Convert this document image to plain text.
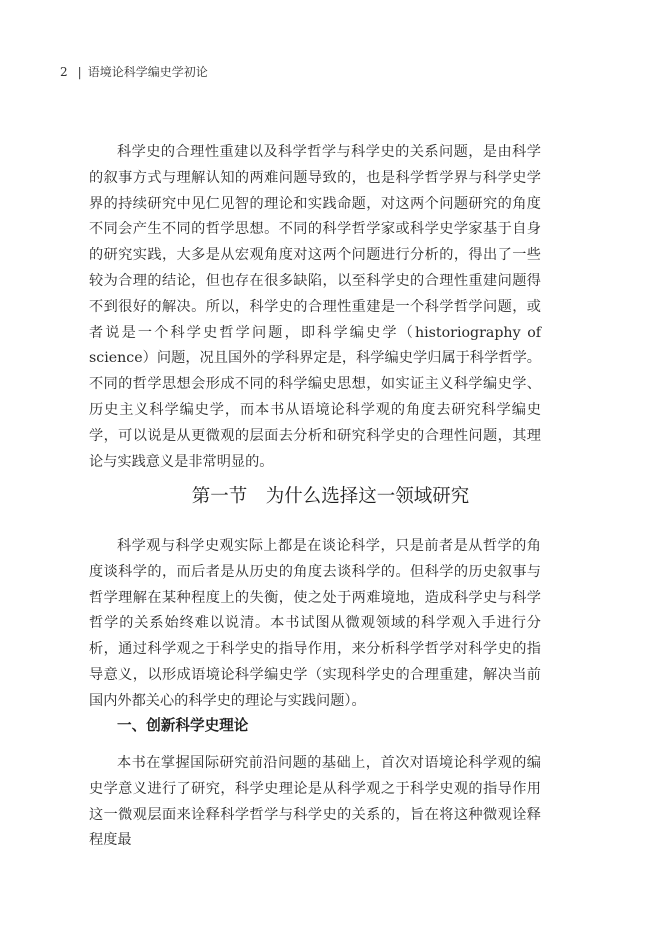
2 | 语境论科学编史学初论

科学史的合理性重建以及科学哲学与科学史的关系问题，是由科学的叙事方式与理解认知的两难问题导致的，也是科学哲学界与科学史学界的持续研究中见仁见智的理论和实践命题，对这两个问题研究的角度不同会产生不同的哲学思想。不同的科学哲学家或科学史学家基于自身的研究实践，大多是从宏观角度对这两个问题进行分析的，得出了一些较为合理的结论，但也存在很多缺陷，以至科学史的合理性重建问题得不到很好的解决。所以，科学史的合理性重建是一个科学哲学问题，或者说是一个科学史哲学问题，即科学编史学（historiography of science）问题，况且国外的学科界定是，科学编史学归属于科学哲学。不同的哲学思想会形成不同的科学编史思想，如实证主义科学编史学、历史主义科学编史学，而本书从语境论科学观的角度去研究科学编史学，可以说是从更微观的层面去分析和研究科学史的合理性问题，其理论与实践意义是非常明显的。

第一节　为什么选择这一领域研究

科学观与科学史观实际上都是在谈论科学，只是前者是从哲学的角度谈科学的，而后者是从历史的角度去谈科学的。但科学的历史叙事与哲学理解在某种程度上的失衡，使之处于两难境地，造成科学史与科学哲学的关系始终难以说清。本书试图从微观领域的科学观入手进行分析，通过科学观之于科学史的指导作用，来分析科学哲学对科学史的指导意义，以形成语境论科学编史学（实现科学史的合理重建，解决当前国内外都关心的科学史的理论与实践问题）。

一、创新科学史理论

本书在掌握国际研究前沿问题的基础上，首次对语境论科学观的编史学意义进行了研究，科学史理论是从科学观之于科学史观的指导作用这一微观层面来诠释科学哲学与科学史的关系的，旨在将这种微观诠释程度最
